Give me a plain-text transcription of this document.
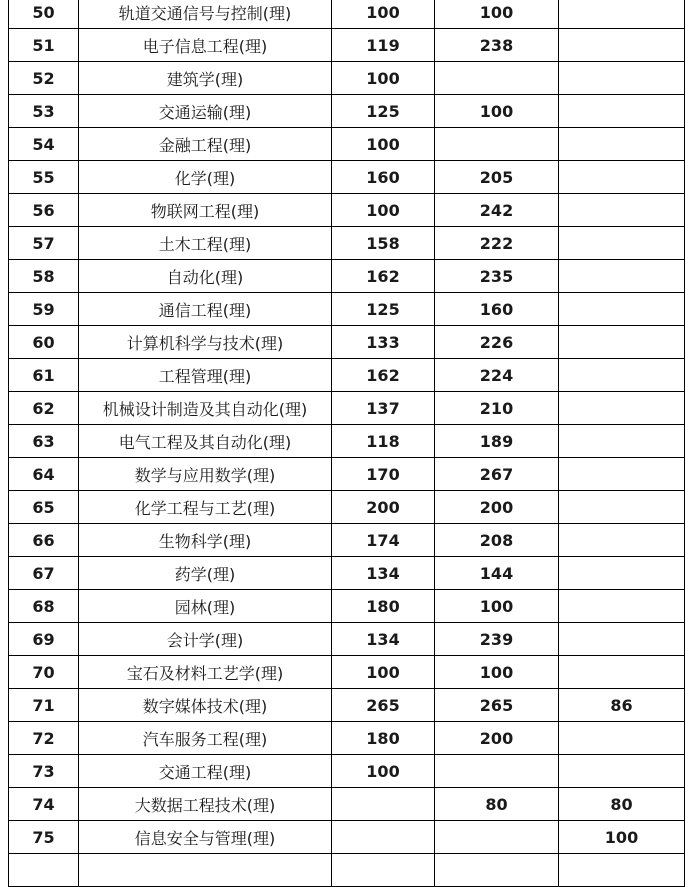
50	轨道交通信号与控制(理)	100	100	
51	电子信息工程(理)	119	238	
52	建筑学(理)	100		
53	交通运输(理)	125	100	
54	金融工程(理)	100		
55	化学(理)	160	205	
56	物联网工程(理)	100	242	
57	土木工程(理)	158	222	
58	自动化(理)	162	235	
59	通信工程(理)	125	160	
60	计算机科学与技术(理)	133	226	
61	工程管理(理)	162	224	
62	机械设计制造及其自动化(理)	137	210	
63	电气工程及其自动化(理)	118	189	
64	数学与应用数学(理)	170	267	
65	化学工程与工艺(理)	200	200	
66	生物科学(理)	174	208	
67	药学(理)	134	144	
68	园林(理)	180	100	
69	会计学(理)	134	239	
70	宝石及材料工艺学(理)	100	100	
71	数字媒体技术(理)	265	265	86
72	汽车服务工程(理)	180	200	
73	交通工程(理)	100		
74	大数据工程技术(理)		80	80
75	信息安全与管理(理)			100
